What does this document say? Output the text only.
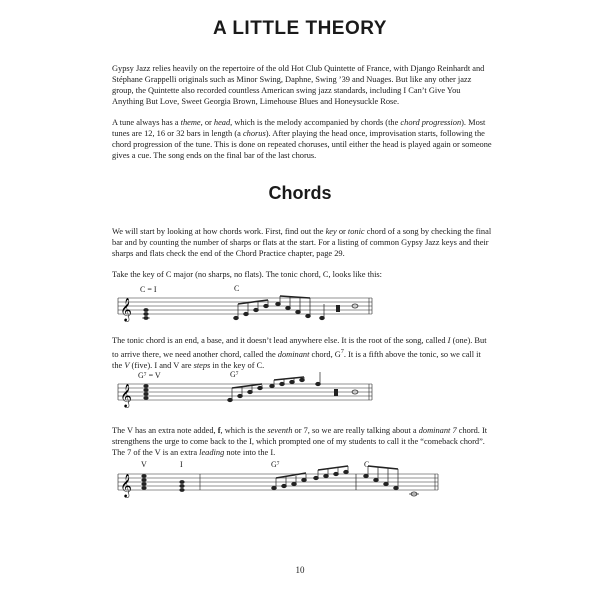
A LITTLE THEORY
Gypsy Jazz relies heavily on the repertoire of the old Hot Club Quintette of France, with Django Reinhardt and Stéphane Grappelli originals such as Minor Swing, Daphne, Swing ’39 and Nuages. But like any other jazz group, the Quintette also recorded countless American swing jazz standards, including I Can’t Give You Anything But Love, Sweet Georgia Brown, Limehouse Blues and Honeysuckle Rose.
A tune always has a theme, or head, which is the melody accompanied by chords (the chord progression). Most tunes are 12, 16 or 32 bars in length (a chorus). After playing the head once, improvisation starts, following the chord progression of the tune. This is done on repeated choruses, until either the head is played again or someone gives a cue. The song ends on the final bar of the last chorus.
Chords
We will start by looking at how chords work. First, find out the key or tonic chord of a song by checking the final bar and by counting the number of sharps or flats at the start. For a listing of common Gypsy Jazz keys and their sharps and flats check the end of the Chord Practice chapter, page 29.
Take the key of C major (no sharps, no flats). The tonic chord, C, looks like this:
C = I	C
𝄞
The tonic chord is an end, a base, and it doesn’t lead anywhere else. It is the root of the song, called I (one). But to arrive there, we need another chord, called the dominant chord, $G^7$. It is a fifth above the tonic, so we call it the V (five). I and V are steps in the key of C.
G⁷ = V	G⁷
𝄞
The V has an extra note added, f, which is the seventh or 7, so we are really talking about a dominant 7 chord. It strengthens the urge to come back to the I, which prompted one of my students to call it the “comeback chord”. The 7 of the V is an extra leading note into the I.
V	I	G⁷	C
𝄞
10
